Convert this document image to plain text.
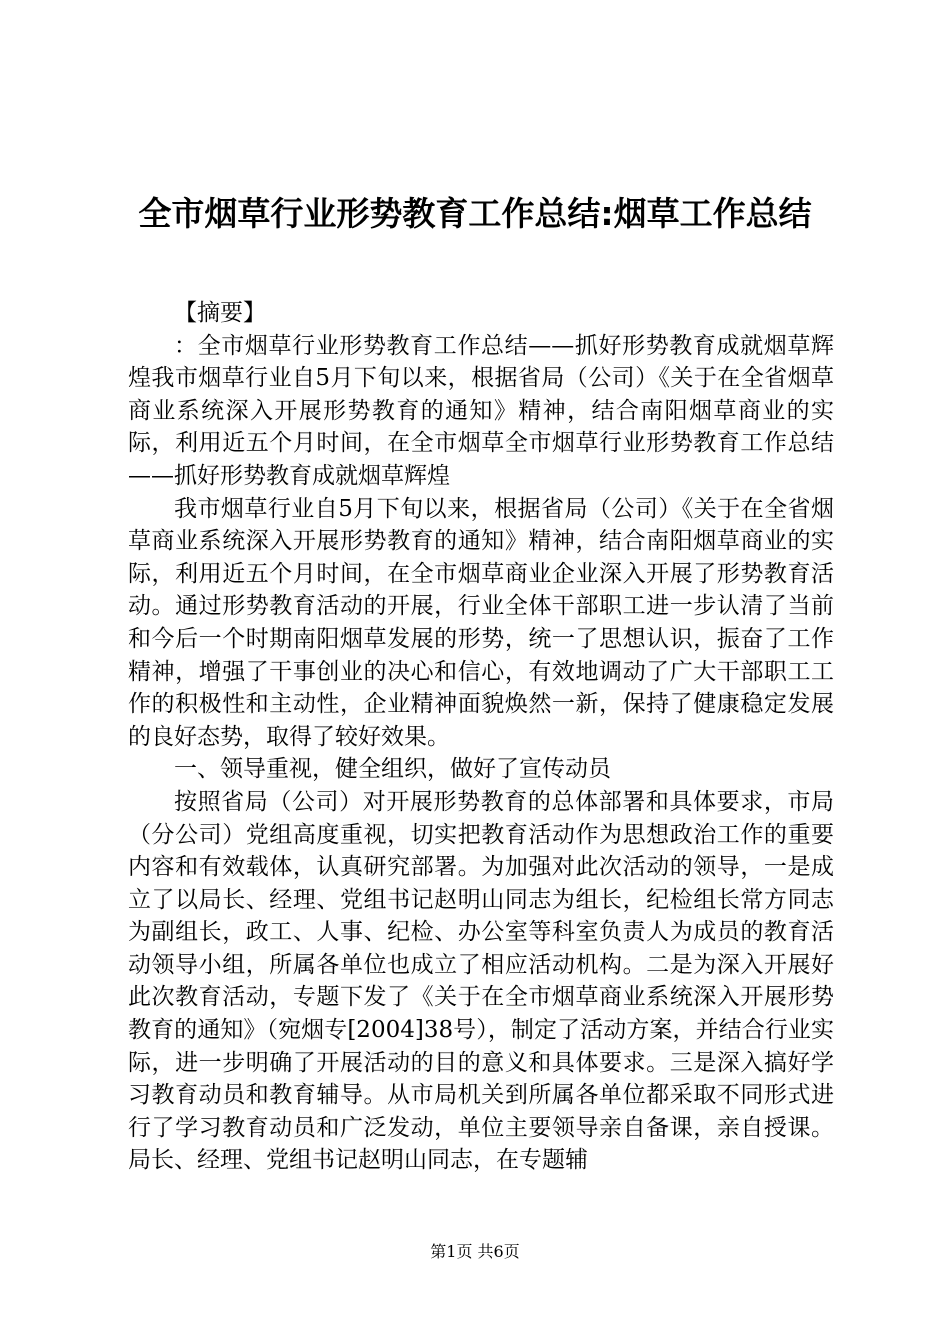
全市烟草行业形势教育工作总结:烟草工作总结

【摘要】

：全市烟草行业形势教育工作总结——抓好形势教育成就烟草辉煌我市烟草行业自5月下旬以来，根据省局（公司）《关于在全省烟草商业系统深入开展形势教育的通知》精神，结合南阳烟草商业的实际，利用近五个月时间，在全市烟草全市烟草行业形势教育工作总结——抓好形势教育成就烟草辉煌

我市烟草行业自5月下旬以来，根据省局（公司）《关于在全省烟草商业系统深入开展形势教育的通知》精神，结合南阳烟草商业的实际，利用近五个月时间，在全市烟草商业企业深入开展了形势教育活动。通过形势教育活动的开展，行业全体干部职工进一步认清了当前和今后一个时期南阳烟草发展的形势，统一了思想认识，振奋了工作精神，增强了干事创业的决心和信心，有效地调动了广大干部职工工作的积极性和主动性，企业精神面貌焕然一新，保持了健康稳定发展的良好态势，取得了较好效果。

一、领导重视，健全组织，做好了宣传动员

按照省局（公司）对开展形势教育的总体部署和具体要求，市局（分公司）党组高度重视，切实把教育活动作为思想政治工作的重要内容和有效载体，认真研究部署。为加强对此次活动的领导，一是成立了以局长、经理、党组书记赵明山同志为组长，纪检组长常方同志为副组长，政工、人事、纪检、办公室等科室负责人为成员的教育活动领导小组，所属各单位也成立了相应活动机构。二是为深入开展好此次教育活动，专题下发了《关于在全市烟草商业系统深入开展形势教育的通知》（宛烟专[2004]38号），制定了活动方案，并结合行业实际，进一步明确了开展活动的目的意义和具体要求。三是深入搞好学习教育动员和教育辅导。从市局机关到所属各单位都采取不同形式进行了学习教育动员和广泛发动，单位主要领导亲自备课，亲自授课。局长、经理、党组书记赵明山同志，在专题辅

第1页 共6页
